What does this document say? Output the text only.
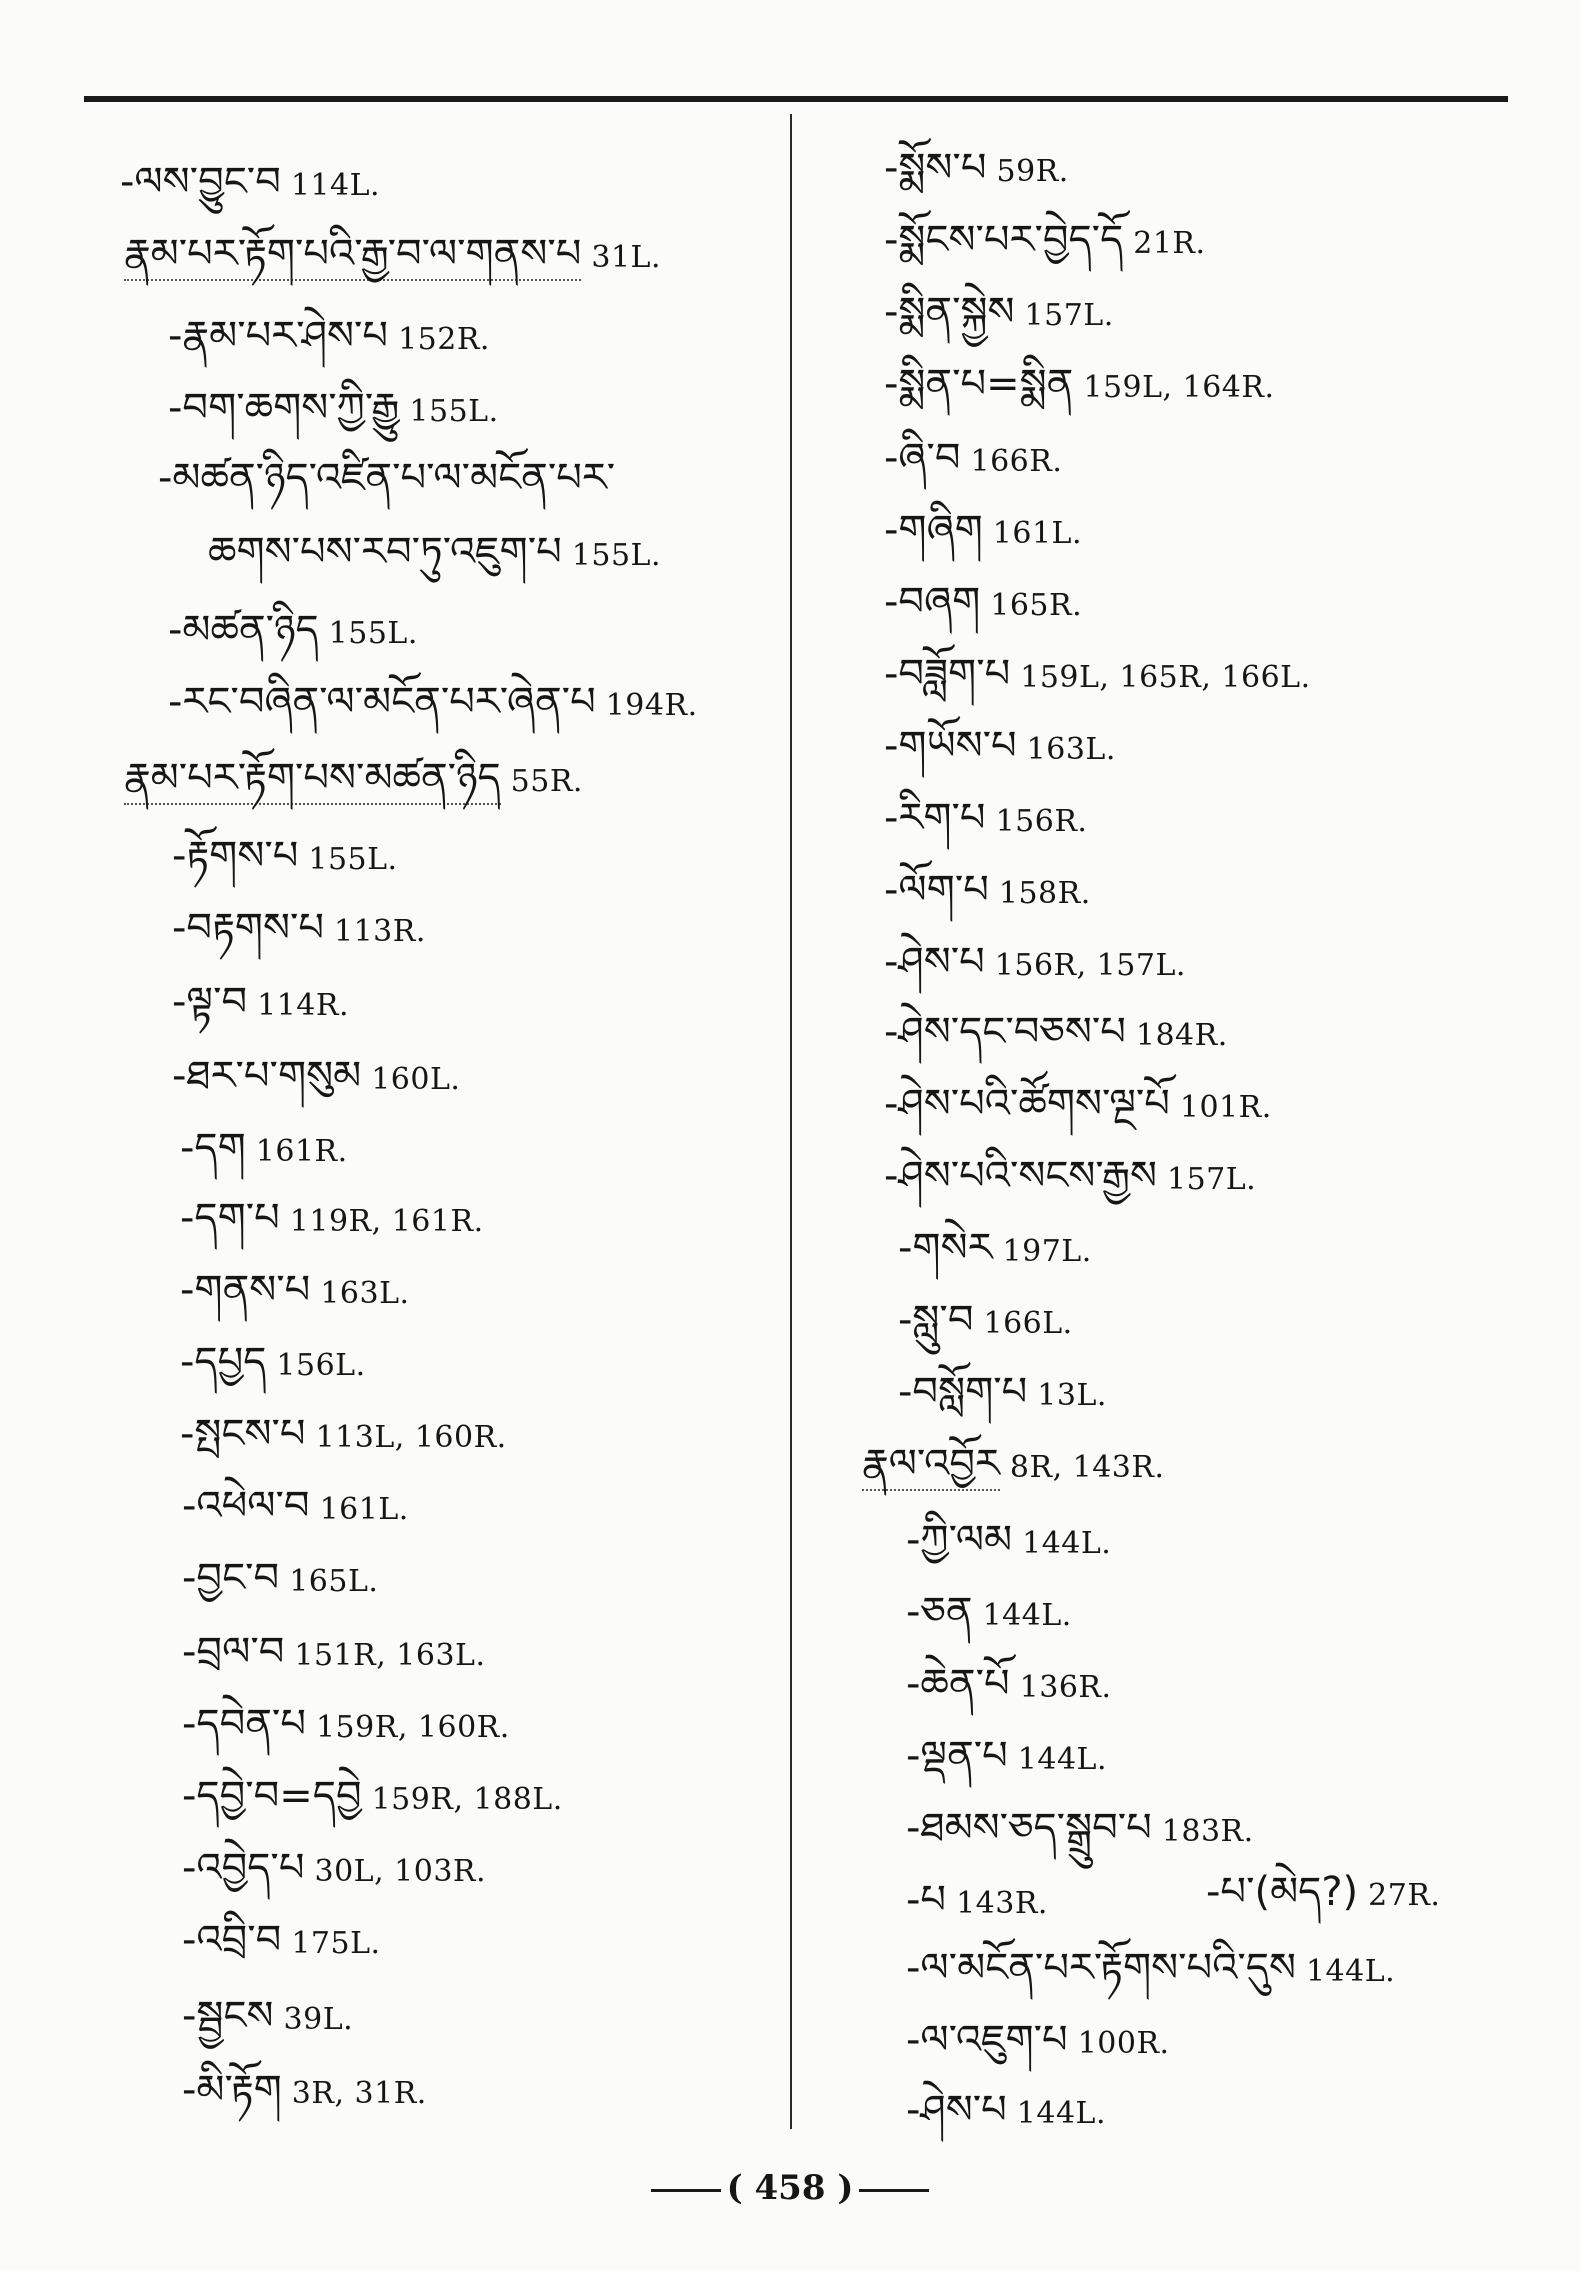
-ལས་བྱུང་བ 114L.
རྣམ་པར་རྟོག་པའི་རྒྱ་བ་ལ་གནས་པ 31L.
-རྣམ་པར་ཤེས་པ 152R.
-བག་ཆགས་ཀྱི་རྒྱུ 155L.
-མཚན་ཉིད་འཛིན་པ་ལ་མངོན་པར་
ཆགས་པས་རབ་ཏུ་འཇུག་པ 155L.
-མཚན་ཉིད 155L.
-རང་བཞིན་ལ་མངོན་པར་ཞེན་པ 194R.
རྣམ་པར་རྟོག་པས་མཚན་ཉིད 55R.
-རྟོགས་པ 155L.
-བརྟགས་པ 113R.
-ལྟ་བ 114R.
-ཐར་པ་གསུམ 160L.
-དག 161R.
-དག་པ 119R, 161R.
-གནས་པ 163L.
-དཔྱད 156L.
-སྤངས་པ 113L, 160R.
-འཕེལ་བ 161L.
-བྱང་བ 165L.
-བྲལ་བ 151R, 163L.
-དབེན་པ 159R, 160R.
-དབྱེ་བ=དབྱེ 159R, 188L.
-འབྱེད་པ 30L, 103R.
-འབྲི་བ 175L.
-སྦྱངས 39L.
-མི་རྟོག 3R, 31R.
-སྨོས་པ 59R.
-སྨོངས་པར་བྱེད་དོ 21R.
-སྨིན་སྐྱེས 157L.
-སྨིན་པ=སྨིན 159L, 164R.
-ཞི་བ 166R.
-གཞིག 161L.
-བཞག 165R.
-བཟློག་པ 159L, 165R, 166L.
-གཡོས་པ 163L.
-རིག་པ 156R.
-ལོག་པ 158R.
-ཤེས་པ 156R, 157L.
-ཤེས་དང་བཅས་པ 184R.
-ཤེས་པའི་ཚོགས་ལྔ་པོ 101R.
-ཤེས་པའི་སངས་རྒྱས 157L.
-གསེར 197L.
-སླུ་བ 166L.
-བསློག་པ 13L.
རྣལ་འབྱོར 8R, 143R.
-ཀྱི་ལམ 144L.
-ཅན 144L.
-ཆེན་པོ 136R.
-ལྡན་པ 144L.
-ཐམས་ཅད་སྒྲུབ་པ 183R.
-པ 143R.	-པ་(མེད?) 27R.
-ལ་མངོན་པར་རྟོགས་པའི་དུས 144L.
-ལ་འཇུག་པ 100R.
-ཤེས་པ 144L.
( 458 )
